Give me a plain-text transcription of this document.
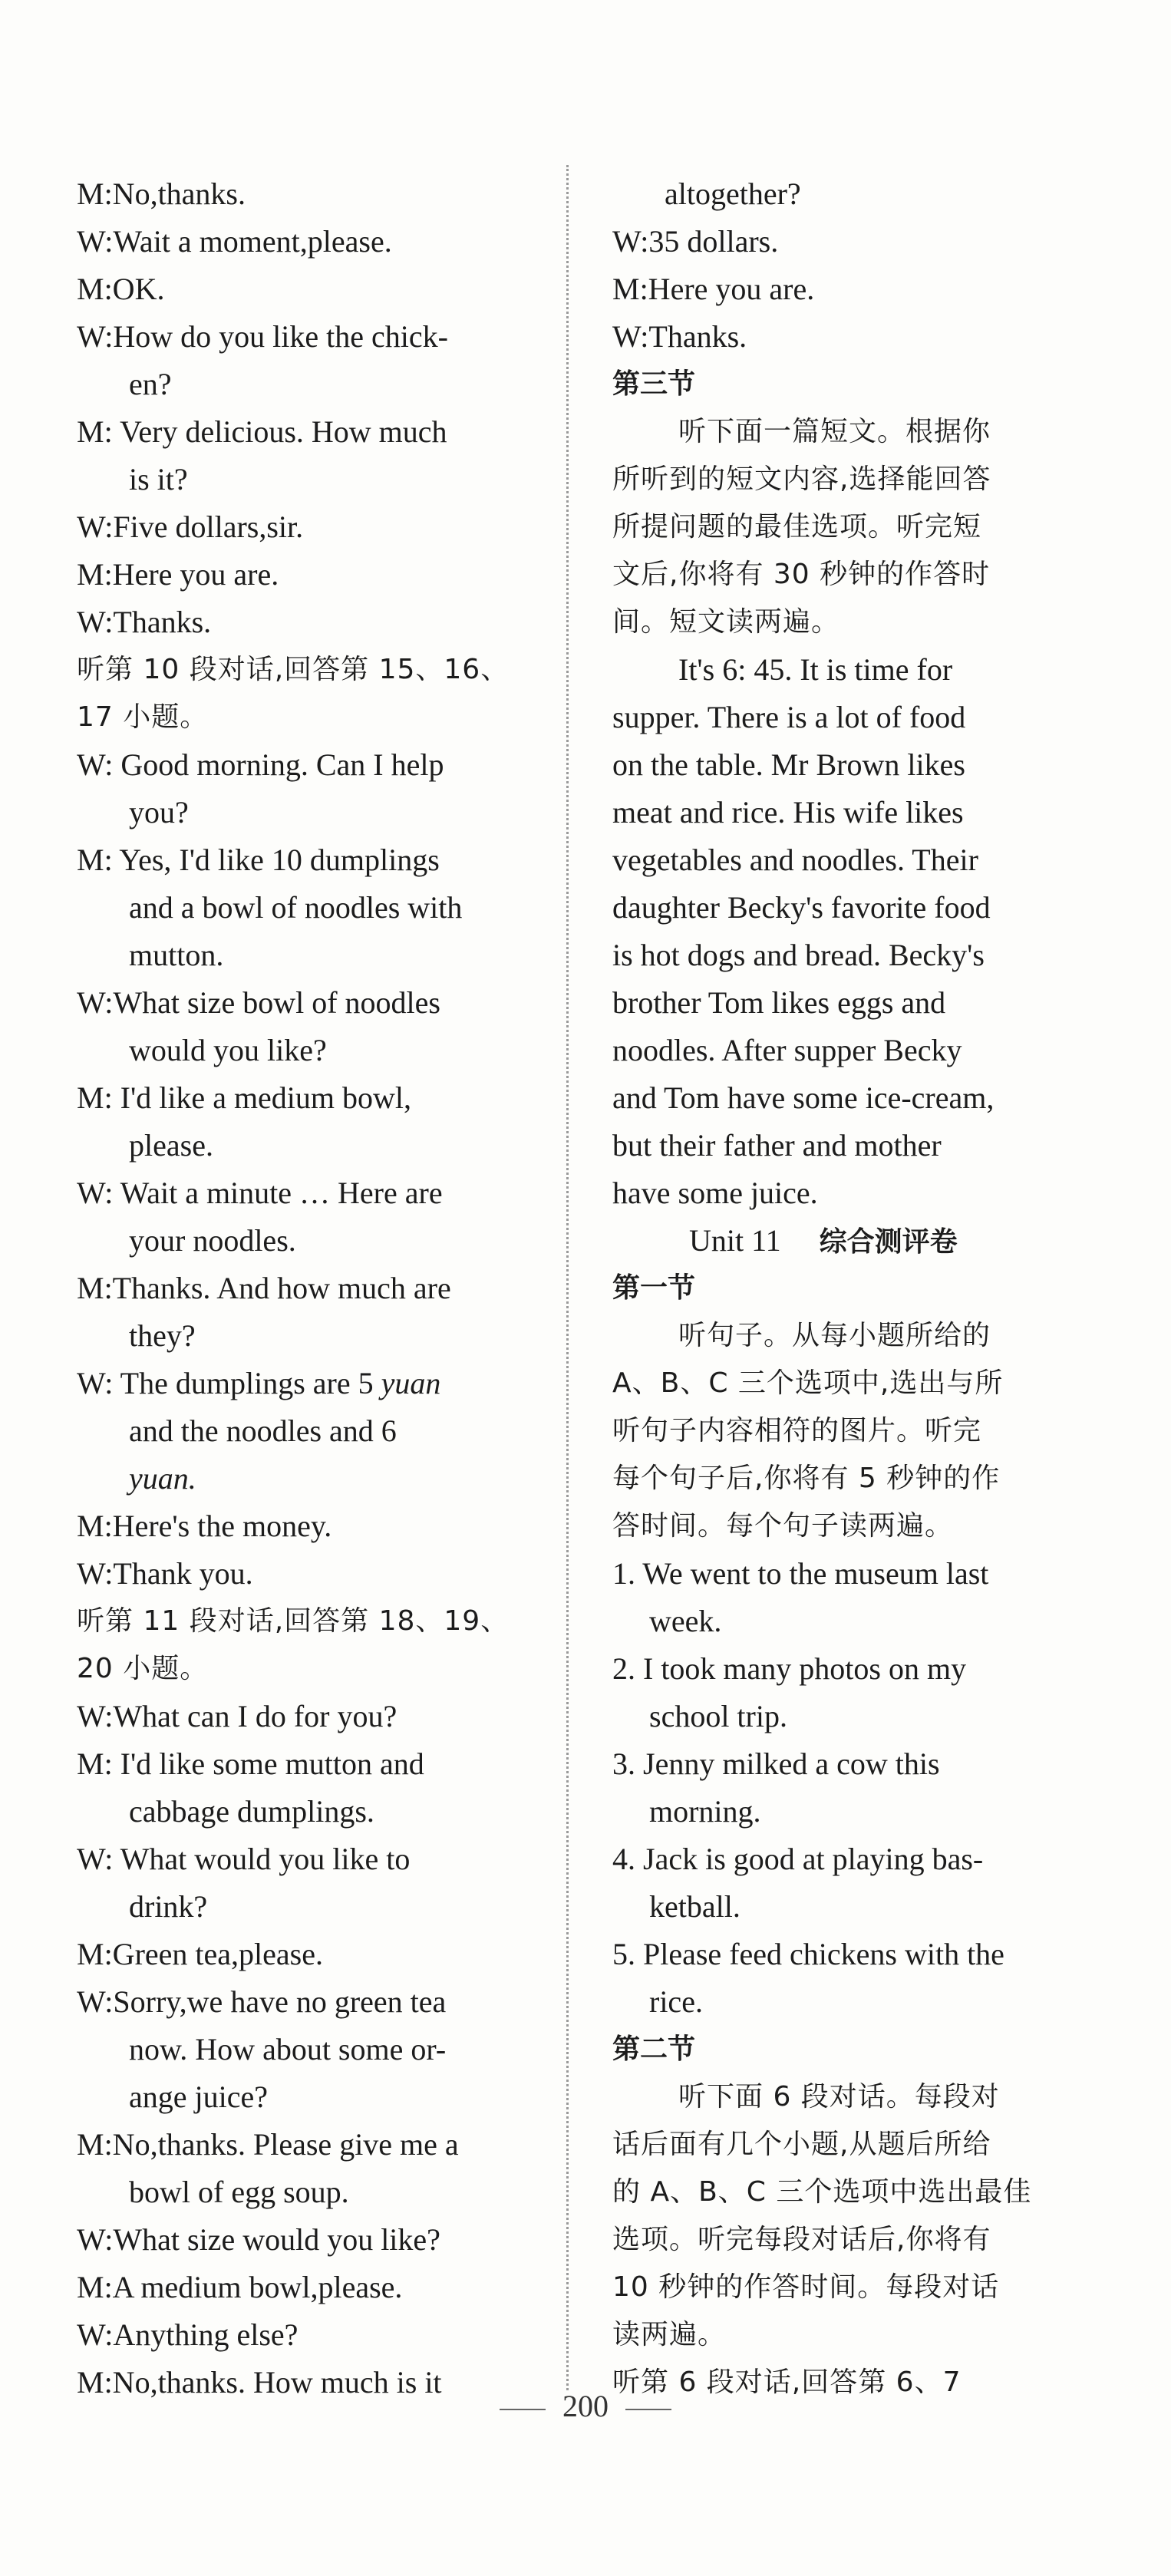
M:No,thanks.
W:Wait a moment,please.
M:OK.
W:How do you like the chick-
en?
M: Very delicious. How much
is it?
W:Five dollars,sir.
M:Here you are.
W:Thanks.
听第 10 段对话,回答第 15、16、
17 小题。
W: Good morning. Can I help
you?
M: Yes, I'd like 10 dumplings
and a bowl of noodles with
mutton.
W:What size bowl of noodles
would you like?
M: I'd like a medium bowl,
please.
W: Wait a minute … Here are
your noodles.
M:Thanks. And how much are
they?
W: The dumplings are 5 yuan
and the noodles and 6
yuan.
M:Here's the money.
W:Thank you.
听第 11 段对话,回答第 18、19、
20 小题。
W:What can I do for you?
M: I'd like some mutton and
cabbage dumplings.
W: What would you like to
drink?
M:Green tea,please.
W:Sorry,we have no green tea
now. How about some or-
ange juice?
M:No,thanks. Please give me a
bowl of egg soup.
W:What size would you like?
M:A medium bowl,please.
W:Anything else?
M:No,thanks. How much is it
altogether?
W:35 dollars.
M:Here you are.
W:Thanks.
第三节
听下面一篇短文。根据你
所听到的短文内容,选择能回答
所提问题的最佳选项。听完短
文后,你将有 30 秒钟的作答时
间。短文读两遍。
It's 6: 45. It is time for
supper. There is a lot of food
on the table. Mr Brown likes
meat and rice. His wife likes
vegetables and noodles. Their
daughter Becky's favorite food
is hot dogs and bread. Becky's
brother Tom likes eggs and
noodles. After supper Becky
and Tom have some ice-cream,
but their father and mother
have some juice.
Unit 11 综合测评卷
第一节
听句子。从每小题所给的
A、B、C 三个选项中,选出与所
听句子内容相符的图片。听完
每个句子后,你将有 5 秒钟的作
答时间。每个句子读两遍。
1. We went to the museum last
week.
2. I took many photos on my
school trip.
3. Jenny milked a cow this
morning.
4. Jack is good at playing bas-
ketball.
5. Please feed chickens with the
rice.
第二节
听下面 6 段对话。每段对
话后面有几个小题,从题后所给
的 A、B、C 三个选项中选出最佳
选项。听完每段对话后,你将有
10 秒钟的作答时间。每段对话
读两遍。
听第 6 段对话,回答第 6、7
200
